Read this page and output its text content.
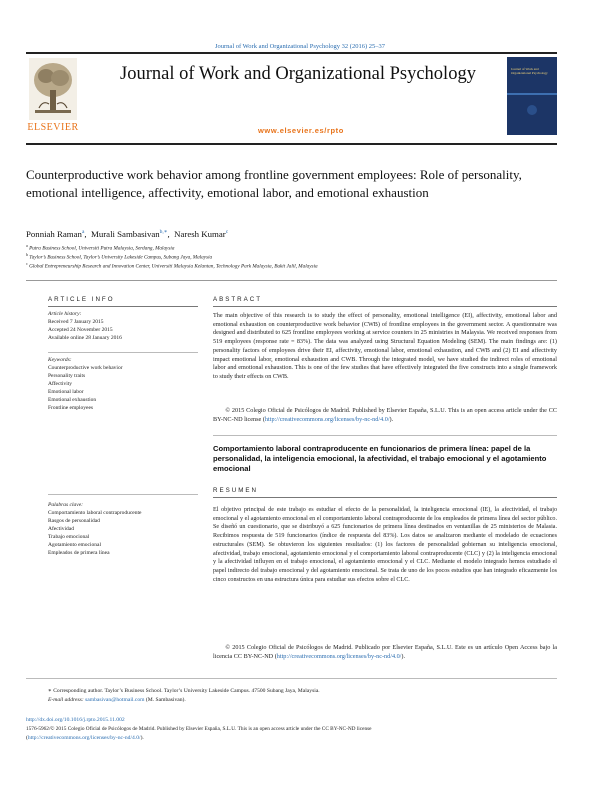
Journal of Work and Organizational Psychology 32 (2016) 25–37
ELSEVIER
Journal of Work and Organizational Psychology
www.elsevier.es/rpto
Journal of Work and Organizational Psychology
Counterproductive work behavior among frontline government employees: Role of personality, emotional intelligence, affectivity, emotional labor, and emotional exhaustion
Ponniah Raman$^a$, Murali Sambasivan$^{b,∗}$, Naresh Kumar$^c$
$^a$ Putra Business School, Universiti Putra Malaysia, Serdang, Malaysia
$^b$ Taylor’s Business School, Taylor’s University Lakeside Campus, Subang Jaya, Malaysia
$^c$ Global Entrepreneurship Research and Innovation Center, Universiti Malaysia Kelantan, Technology Park Malaysia, Bukit Jalil, Malaysia
ARTICLE INFO
Article history:
Received 7 January 2015
Accepted 24 November 2015
Available online 28 January 2016
Keywords:
Counterproductive work behavior
Personality traits
Affectivity
Emotional labor
Emotional exhaustion
Frontline employees
Palabras clave:
Comportamiento laboral contraproducente
Rasgos de personalidad
Afectividad
Trabajo emocional
Agotamiento emocional
Empleados de primera línea
ABSTRACT
The main objective of this research is to study the effect of personality, emotional intelligence (EI), affectivity, emotional labor and emotional exhaustion on counterproductive work behavior (CWB) of frontline employees in the government sector. A questionnaire was designed and distributed to 625 frontline employees working at service counters in 25 ministries in Malaysia. We received responses from 519 employees (response rate = 83%). The data was analyzed using Structural Equation Modeling (SEM). The main findings are: (1) personality factors of employees drive their EI, affectivity, emotional labor, emotional exhaustion, and CWB and (2) EI and affectivity impact emotional labor, emotional exhaustion and CWB. Through the integrated model, we have studied the indirect roles of emotional labor and emotional exhaustion. This is one of the few studies that have effectively integrated the five constructs into a single framework to study their effects on CWB.
  © 2015 Colegio Oficial de Psicólogos de Madrid. Published by Elsevier España, S.L.U. This is an open access article under the CC BY-NC-ND license (http://creativecommons.org/licenses/by-nc-nd/4.0/).
Comportamiento laboral contraproducente en funcionarios de primera línea: papel de la personalidad, la inteligencia emocional, la afectividad, el trabajo emocional y el agotamiento emocional
RESUMEN
El objetivo principal de este trabajo es estudiar el efecto de la personalidad, la inteligencia emocional (IE), la afectividad, el trabajo emocional y el agotamiento emocional en el comportamiento laboral contraproducente de los empleados de primera línea del sector público. Se diseñó un cuestionario, que se distribuyó a 625 funcionarios de primera línea destinados en ventanillas de 25 ministerios de Malasia. Recibimos respuesta de 519 funcionarios (índice de respuesta del 83%). Los datos se analizaron mediante el modelado de ecuaciones estructurales (SEM). Se obtuvieron los siguientes resultados: (1) los factores de personalidad gobiernan su inteligencia emocional, afectividad, trabajo emocional, agotamiento emocional y el comportamiento laboral contraproducente (CLC) y (2) la inteligencia emocional y la afectividad influyen en el trabajo emocional, el agotamiento emocional y el CLC. Mediante el modelo integrado hemos estudiado el papel indirecto del trabajo emocional y del agotamiento emocional. Se trata de uno de los pocos estudios que han integrado eficazmente los cinco constructos en una estructura única para estudiar sus efectos sobre el CLC.
  © 2015 Colegio Oficial de Psicólogos de Madrid. Publicado por Elsevier España, S.L.U. Este es un artículo Open Access bajo la licencia CC BY-NC-ND (http://creativecommons.org/licenses/by-nc-nd/4.0/).
∗ Corresponding author. Taylor’s Business School. Taylor’s University Lakeside Campus. 47500 Subang Jaya, Malaysia.
E-mail address: sambasivan@hotmail.com (M. Sambasivan).
http://dx.doi.org/10.1016/j.rpto.2015.11.002
1576-5962/© 2015 Colegio Oficial de Psicólogos de Madrid. Published by Elsevier España, S.L.U. This is an open access article under the CC BY-NC-ND license
(http://creativecommons.org/licenses/by-nc-nd/4.0/).
